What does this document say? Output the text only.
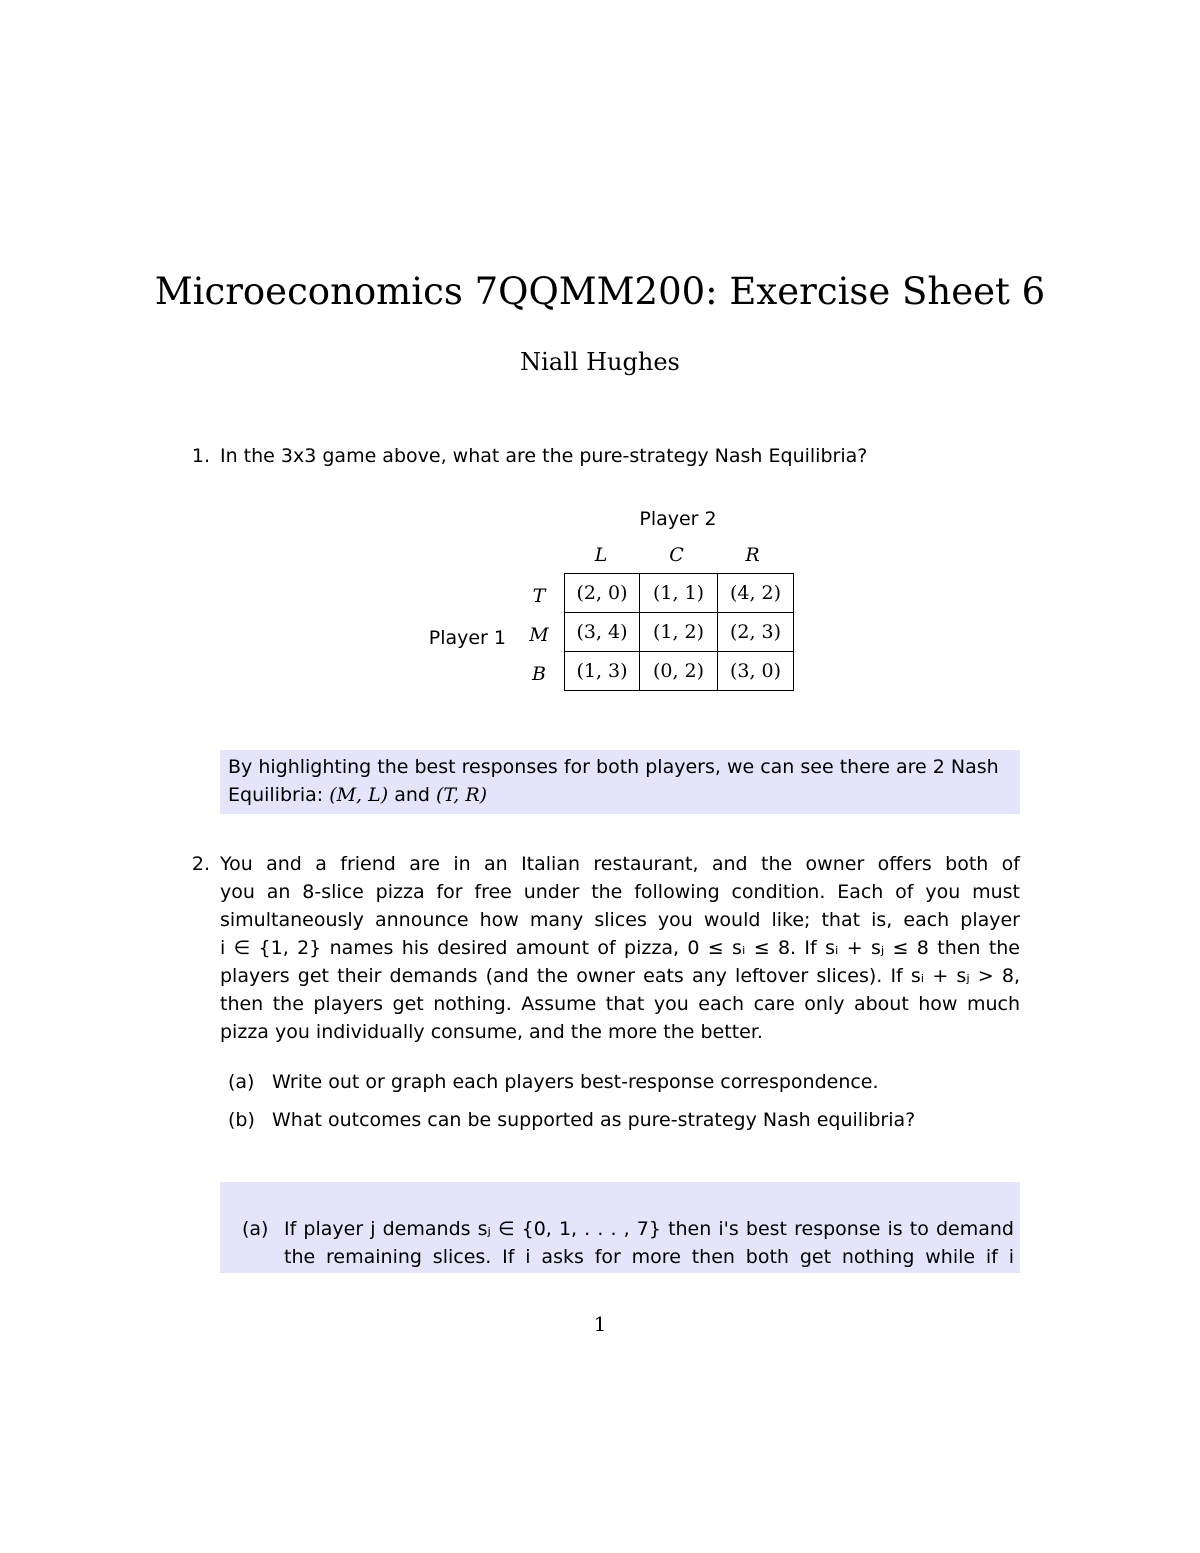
Microeconomics 7QQMM200: Exercise Sheet 6
Niall Hughes
1. In the 3x3 game above, what are the pure-strategy Nash Equilibria?
Player 2
L	C	R
Player 1
T
M
B
(2, 0)	(1, 1)	(4, 2)
(3, 4)	(1, 2)	(2, 3)
(1, 3)	(0, 2)	(3, 0)
By highlighting the best responses for both players, we can see there are 2 Nash
Equilibria: (M, L) and (T, R)
2. You and a friend are in an Italian restaurant, and the owner offers both of
you an 8-slice pizza for free under the following condition. Each of you must
simultaneously announce how many slices you would like; that is, each player
i ∈ {1, 2} names his desired amount of pizza, 0 ≤ sᵢ ≤ 8. If sᵢ + sⱼ ≤ 8 then the
players get their demands (and the owner eats any leftover slices). If sᵢ + sⱼ > 8,
then the players get nothing. Assume that you each care only about how much
pizza you individually consume, and the more the better.
(a) Write out or graph each players best-response correspondence.
(b) What outcomes can be supported as pure-strategy Nash equilibria?
(a) If player j demands sⱼ ∈ {0, 1, . . . , 7} then i's best response is to demand
the remaining slices. If i asks for more then both get nothing while if i
1
